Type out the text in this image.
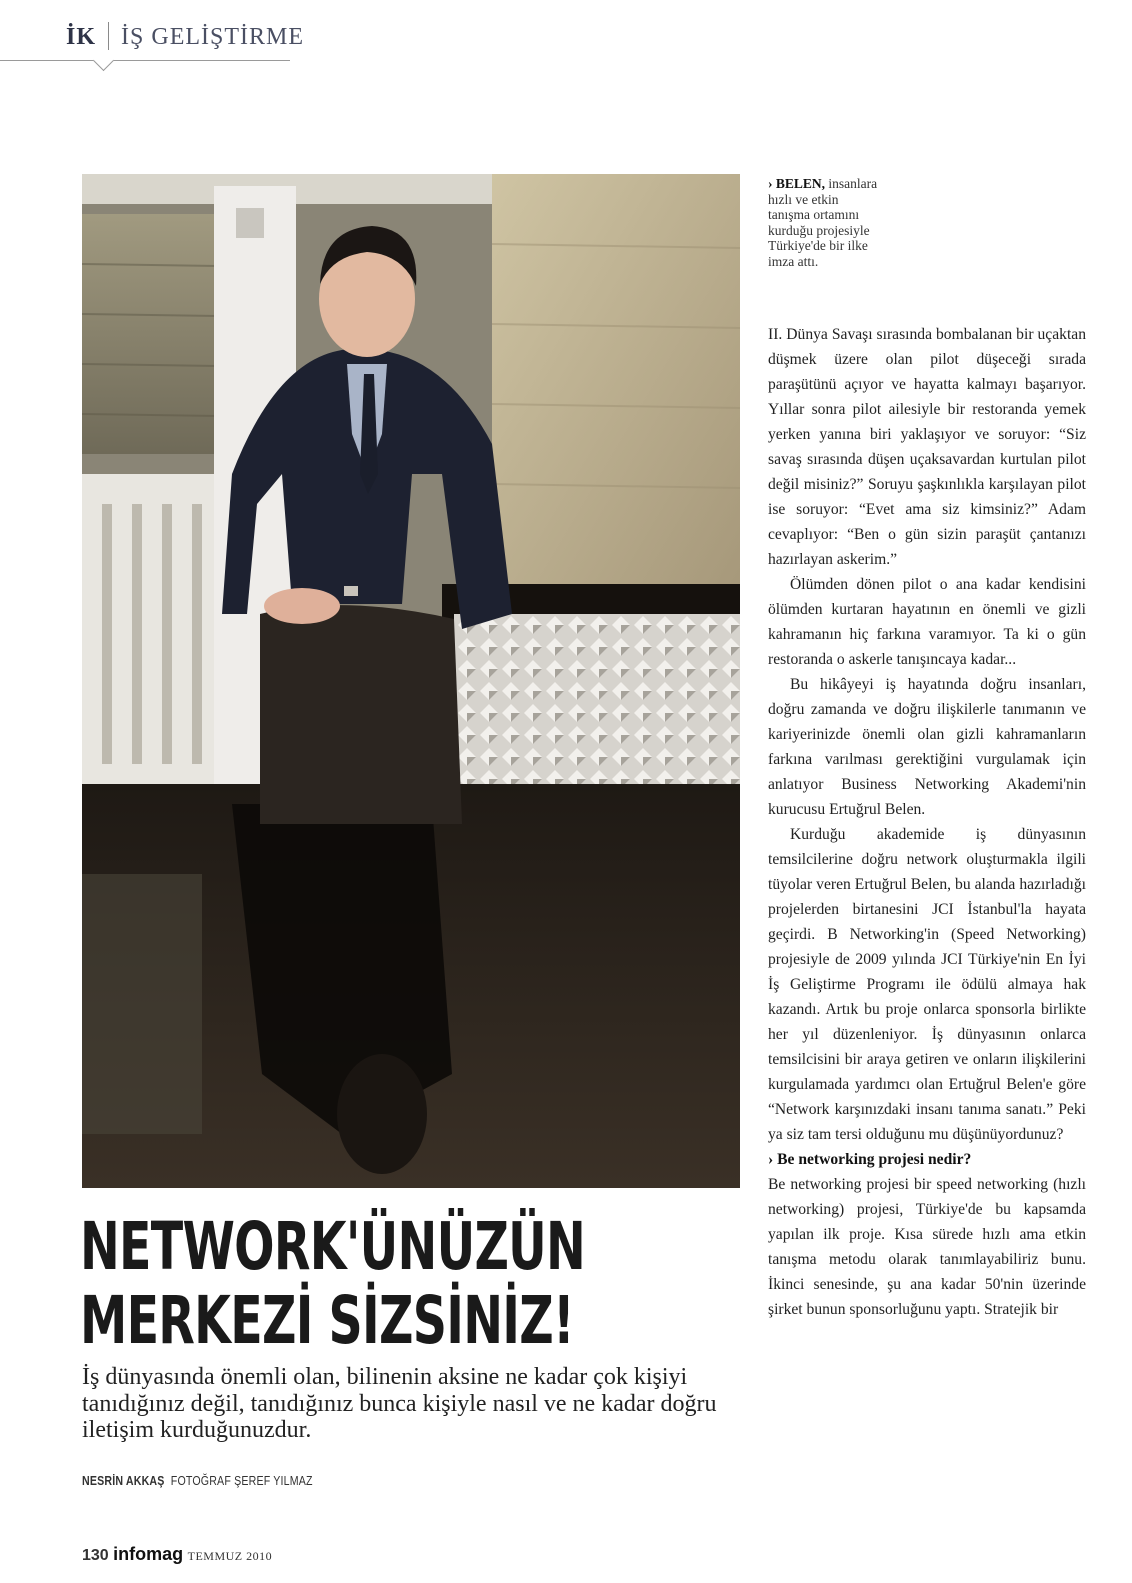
İK İŞ GELİŞTİRME
› BELEN, insanlara
hızlı ve etkin
tanışma ortamını
kurduğu projesiyle
Türkiye'de bir ilke
imza attı.

II. Dünya Savaşı sırasında bombalanan bir uçaktan düşmek üzere olan pilot düşeceği sırada paraşütünü açıyor ve hayatta kalmayı başarıyor. Yıllar sonra pilot ailesiyle bir restoranda yemek yerken yanına biri yaklaşıyor ve soruyor: “Siz savaş sırasında düşen uçaksavardan kurtulan pilot değil misiniz?” Soruyu şaşkınlıkla karşılayan pilot ise soruyor: “Evet ama siz kimsiniz?” Adam cevaplıyor: “Ben o gün sizin paraşüt çantanızı hazırlayan askerim.”

Ölümden dönen pilot o ana kadar kendisini ölümden kurtaran hayatının en önemli ve gizli kahramanın hiç farkına varamıyor. Ta ki o gün restoranda o askerle tanışıncaya kadar...

Bu hikâyeyi iş hayatında doğru insanları, doğru zamanda ve doğru ilişkilerle tanımanın ve kariyerinizde önemli olan gizli kahramanların farkına varılması gerektiğini vurgulamak için anlatıyor Business Networking Akademi'nin kurucusu Ertuğrul Belen.

Kurduğu akademide iş dünyasının temsilcilerine doğru network oluşturmakla ilgili tüyolar veren Ertuğrul Belen, bu alanda hazırladığı projelerden birtanesini JCI İstanbul'la hayata geçirdi. B Networking'in (Speed Networking) projesiyle de 2009 yılında JCI Türkiye'nin En İyi İş Geliştirme Programı ile ödülü almaya hak kazandı. Artık bu proje onlarca sponsorla birlikte her yıl düzenleniyor. İş dünyasının onlarca temsilcisini bir araya getiren ve onların ilişkilerini kurgulamada yardımcı olan Ertuğrul Belen'e göre “Network karşınızdaki insanı tanıma sanatı.” Peki ya siz tam tersi olduğunu mu düşünüyordunuz?

› Be networking projesi nedir?

Be networking projesi bir speed networking (hızlı networking) projesi, Türkiye'de bu kapsamda yapılan ilk proje. Kısa sürede hızlı ama etkin tanışma metodu olarak tanımlayabiliriz bunu. İkinci senesinde, şu ana kadar 50'nin üzerinde şirket bunun sponsorluğunu yaptı. Stratejik bir

NETWORK'ÜNÜZÜN
MERKEZİ SİZSİNİZ!
İş dünyasında önemli olan, bilinenin aksine ne kadar çok kişiyi tanıdığınız değil, tanıdığınız bunca kişiyle nasıl ve ne kadar doğru iletişim kurduğunuzdur.
NESRİN AKKAŞ FOTOĞRAF ŞEREF YILMAZ
130 infomag TEMMUZ 2010
